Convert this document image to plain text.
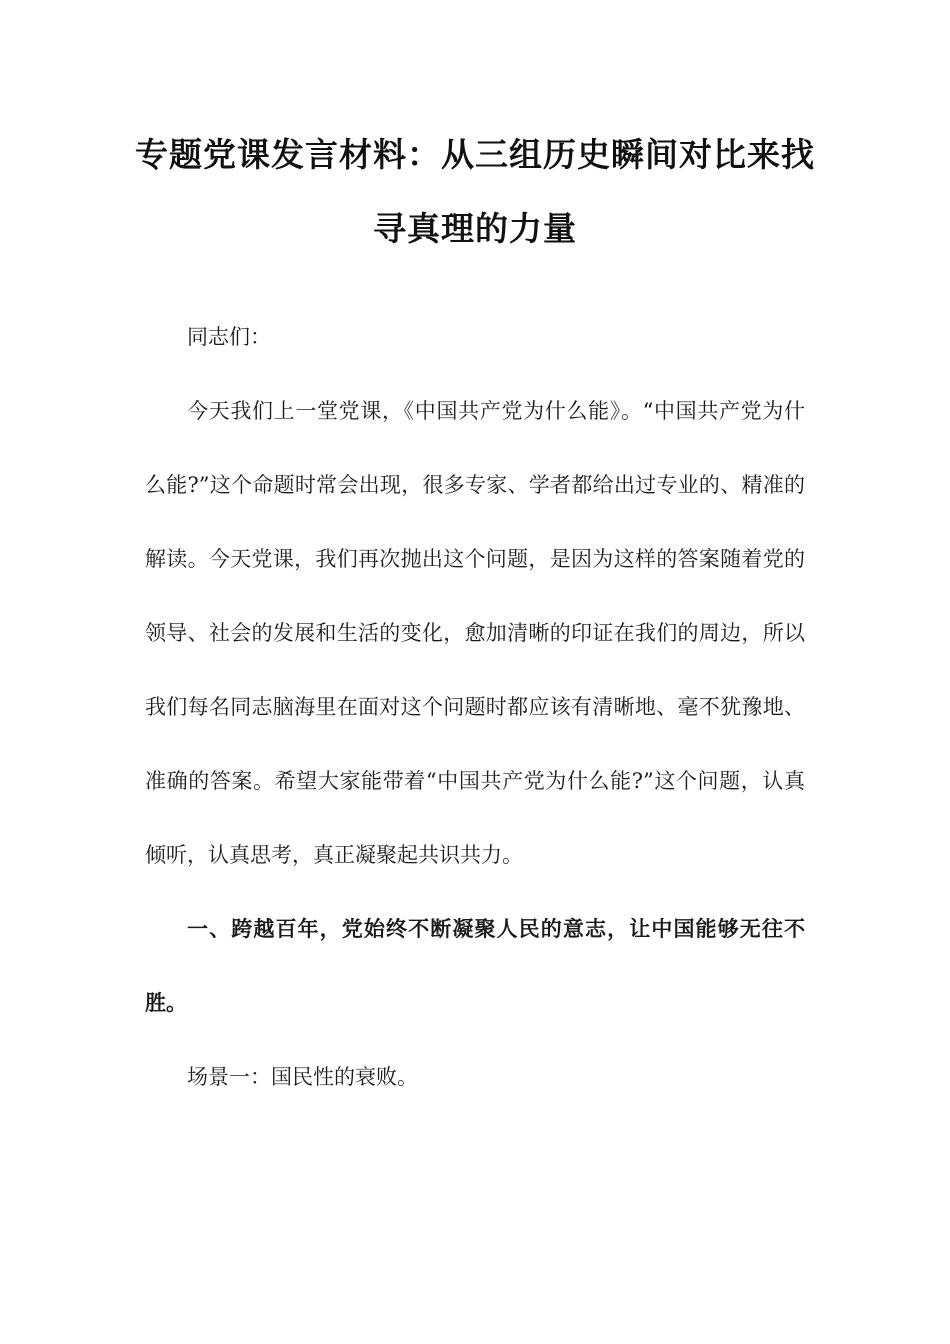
专题党课发言材料：从三组历史瞬间对比来找寻真理的力量

同志们：

今天我们上一堂党课，《中国共产党为什么能》。“中国共产党为什么能?”这个命题时常会出现，很多专家、学者都给出过专业的、精准的解读。今天党课，我们再次抛出这个问题，是因为这样的答案随着党的领导、社会的发展和生活的变化，愈加清晰的印证在我们的周边，所以我们每名同志脑海里在面对这个问题时都应该有清晰地、毫不犹豫地、准确的答案。希望大家能带着“中国共产党为什么能?”这个问题，认真倾听，认真思考，真正凝聚起共识共力。

一、跨越百年，党始终不断凝聚人民的意志，让中国能够无往不胜。

场景一：国民性的衰败。
